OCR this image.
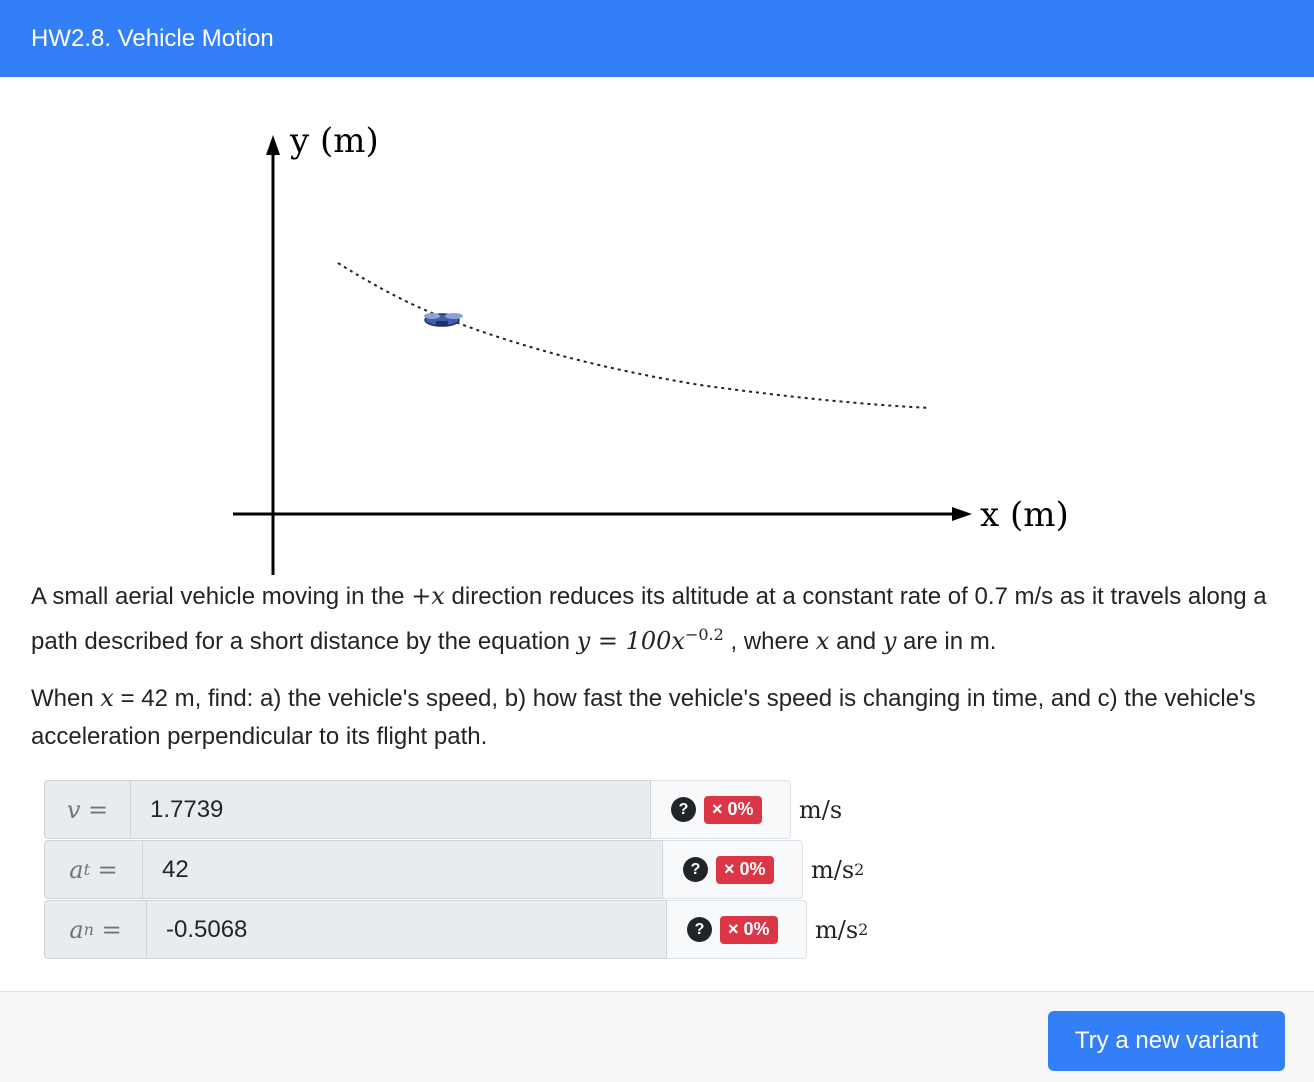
HW2.8. Vehicle Motion
y (m)
x (m)
A small aerial vehicle moving in the +x direction reduces its altitude at a constant rate of 0.7 m/s as it travels along a path described for a short distance by the equation $y = 100x^{-0.2}$ , where x and y are in m.
When x = 42 m, find: a) the vehicle's speed, b) how fast the vehicle's speed is changing in time, and c) the vehicle's acceleration perpendicular to its flight path.
v =	1.7739	?	× 0%	m/s
a t =	42	?	× 0%	m/s 2
a n =	-0.5068	?	× 0%	m/s 2
Try a new variant
